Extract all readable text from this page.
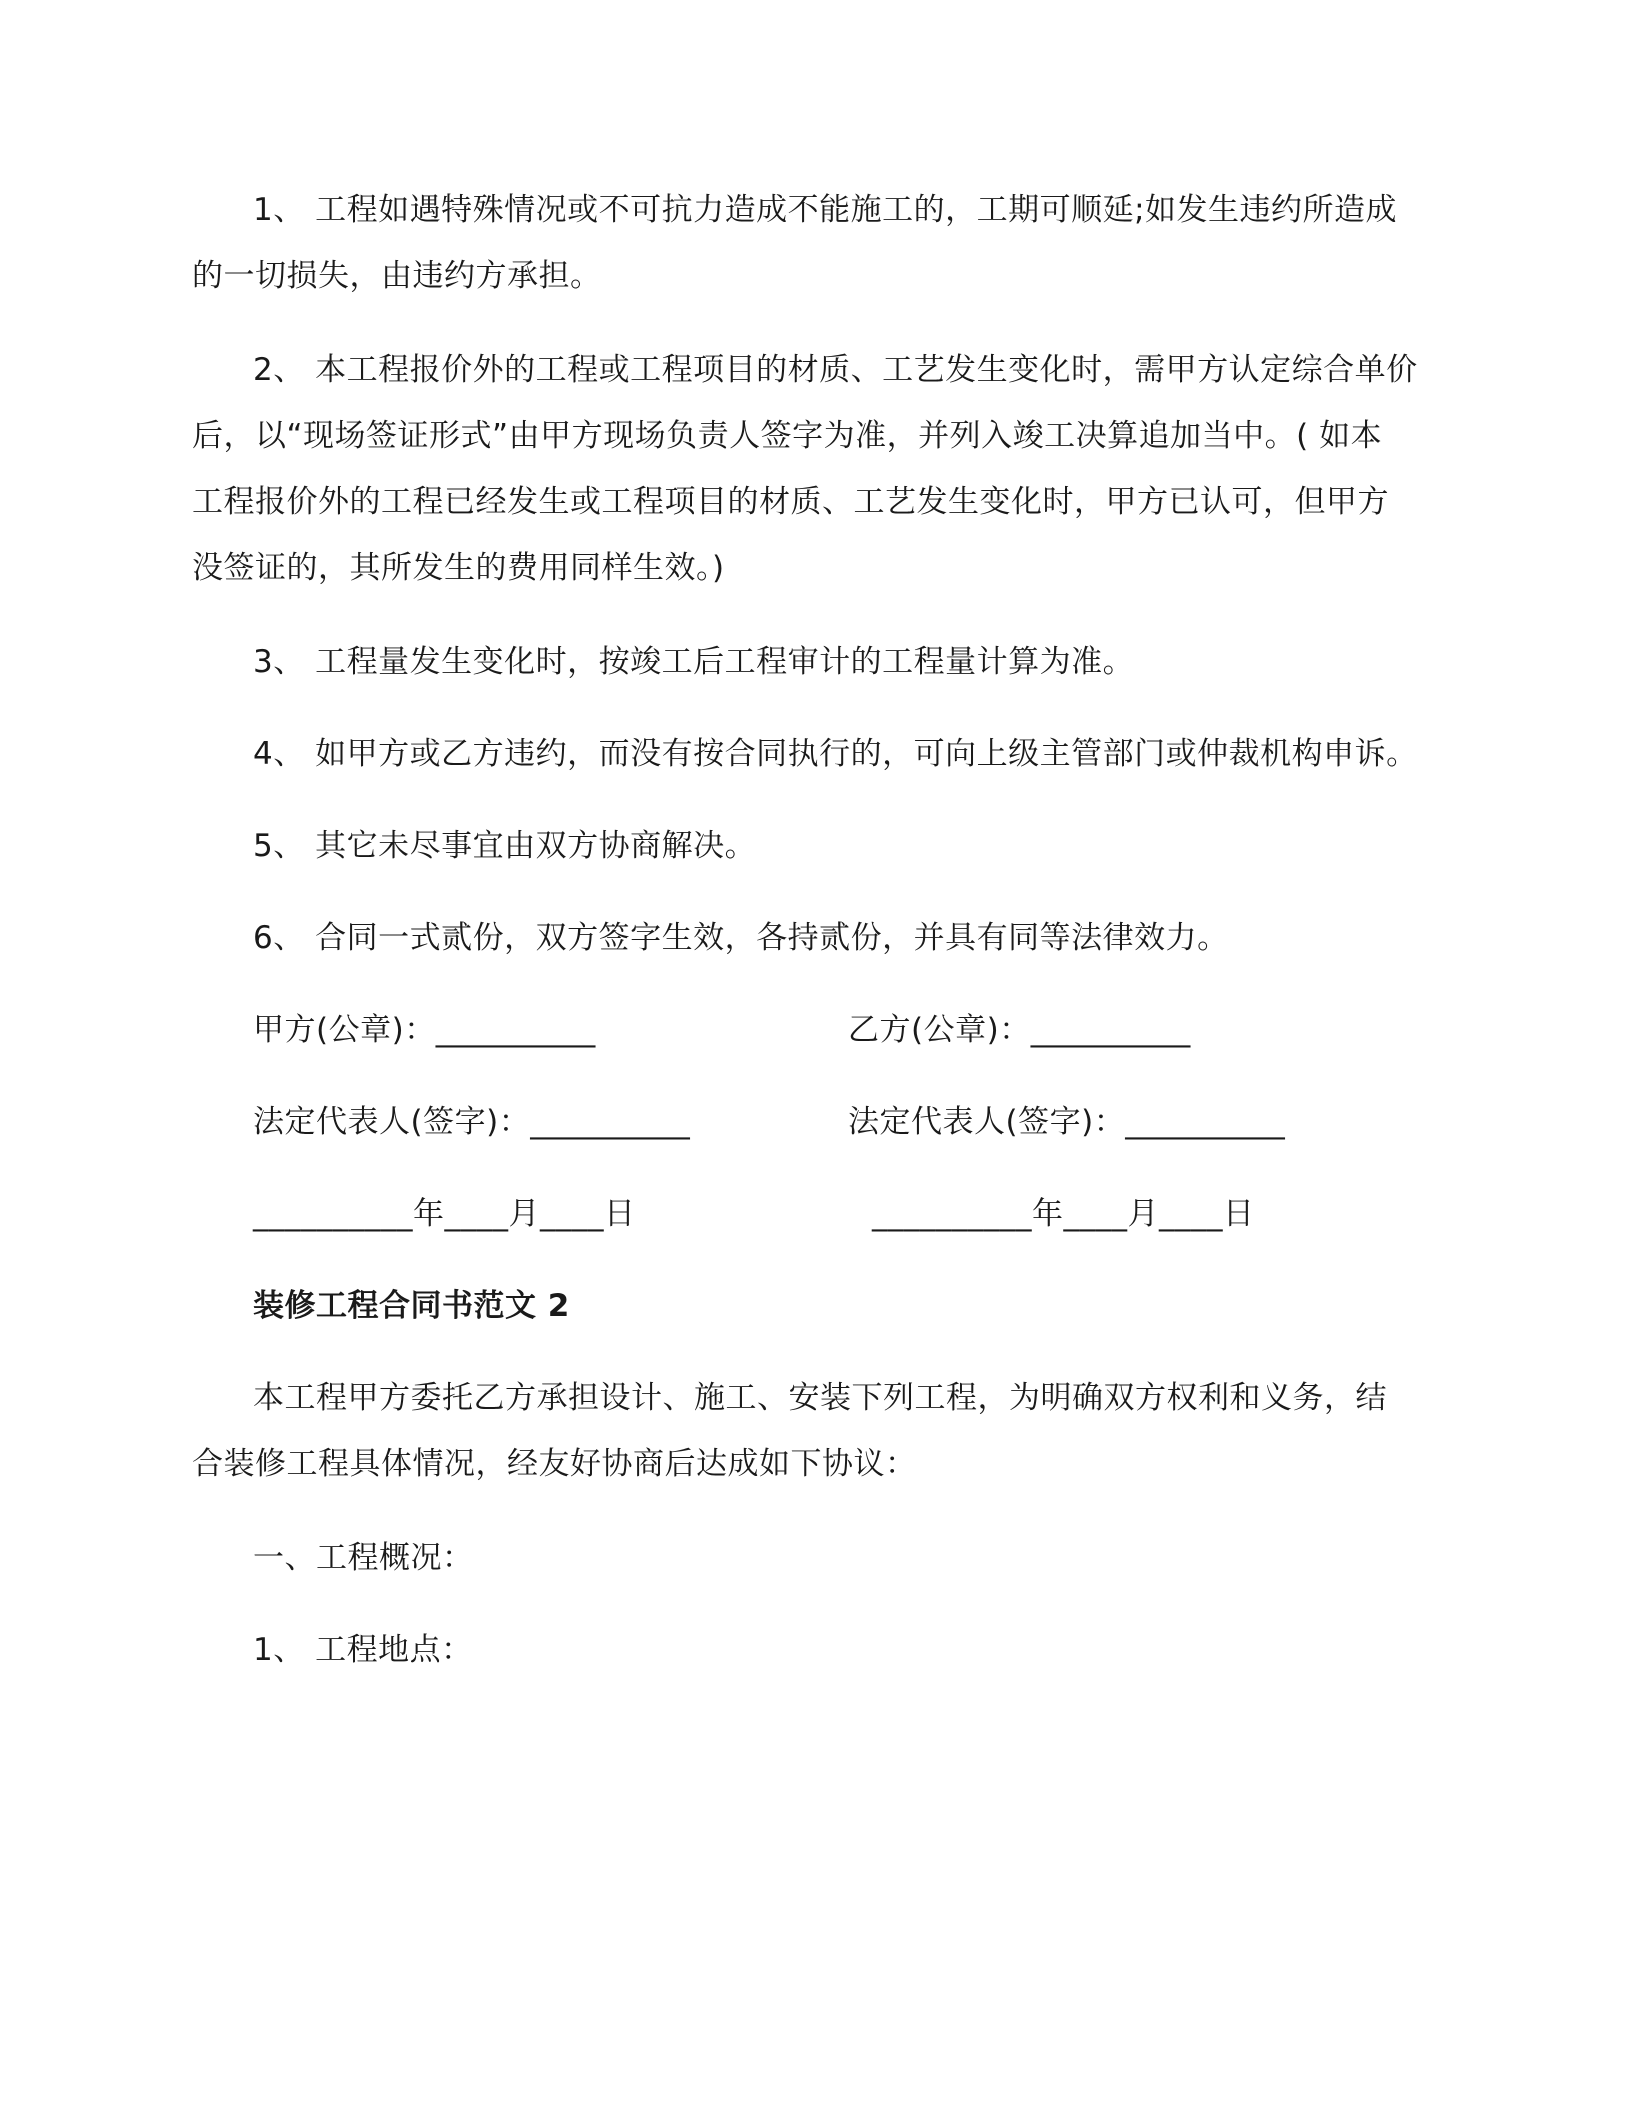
1、 工程如遇特殊情况或不可抗力造成不能施工的，工期可顺延;如发生违约所造成
的一切损失，由违约方承担。
2、 本工程报价外的工程或工程项目的材质、工艺发生变化时，需甲方认定综合单价
后，以“现场签证形式”由甲方现场负责人签字为准，并列入竣工决算追加当中。( 如本
工程报价外的工程已经发生或工程项目的材质、工艺发生变化时，甲方已认可，但甲方
没签证的，其所发生的费用同样生效。)
3、 工程量发生变化时，按竣工后工程审计的工程量计算为准。
4、 如甲方或乙方违约，而没有按合同执行的，可向上级主管部门或仲裁机构申诉。
5、 其它未尽事宜由双方协商解决。
6、 合同一式贰份，双方签字生效，各持贰份，并具有同等法律效力。
甲方(公章)：__________	乙方(公章)：__________
法定代表人(签字)：__________	法定代表人(签字)：__________
__________年____月____日	__________年____月____日
装修工程合同书范文 2
本工程甲方委托乙方承担设计、施工、安装下列工程，为明确双方权利和义务，结
合装修工程具体情况，经友好协商后达成如下协议：
一、工程概况：
1、 工程地点：
